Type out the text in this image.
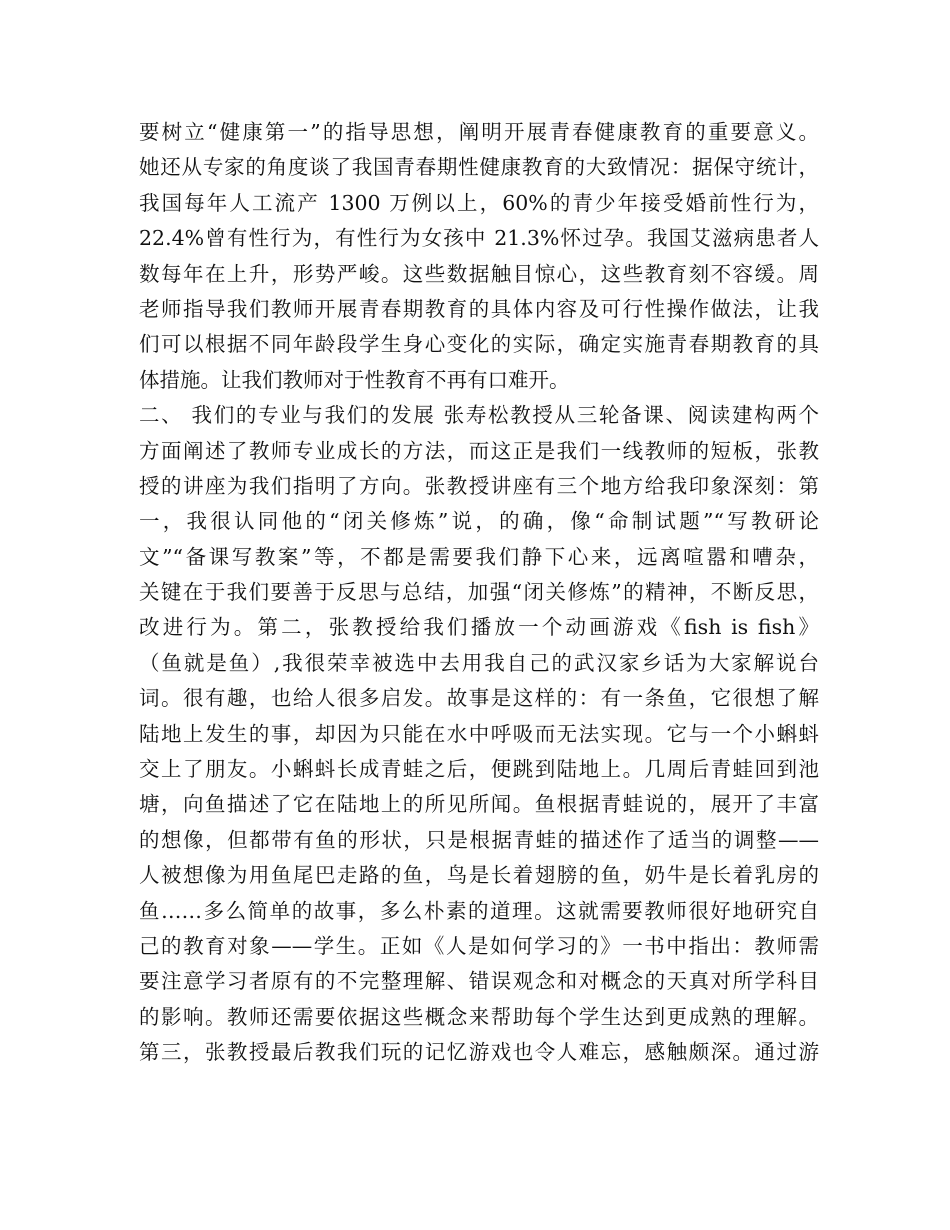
要树立“健康第一”的指导思想，阐明开展青春健康教育的重要意义。
她还从专家的角度谈了我国青春期性健康教育的大致情况：据保守统计，
我国每年人工流产 1300 万例以上，60%的青少年接受婚前性行为，
22.4%曾有性行为，有性行为女孩中 21.3%怀过孕。我国艾滋病患者人
数每年在上升，形势严峻。这些数据触目惊心，这些教育刻不容缓。周
老师指导我们教师开展青春期教育的具体内容及可行性操作做法，让我
们可以根据不同年龄段学生身心变化的实际，确定实施青春期教育的具
体措施。让我们教师对于性教育不再有口难开。
二、 我们的专业与我们的发展 张寿松教授从三轮备课、阅读建构两个
方面阐述了教师专业成长的方法，而这正是我们一线教师的短板，张教
授的讲座为我们指明了方向。张教授讲座有三个地方给我印象深刻：第
一，我很认同他的“闭关修炼”说，的确，像“命制试题”“写教研论
文”“备课写教案”等，不都是需要我们静下心来，远离喧嚣和嘈杂，
关键在于我们要善于反思与总结，加强“闭关修炼”的精神，不断反思，
改进行为。第二，张教授给我们播放一个动画游戏《fish is fish》
（鱼就是鱼）,我很荣幸被选中去用我自己的武汉家乡话为大家解说台
词。很有趣，也给人很多启发。故事是这样的：有一条鱼，它很想了解
陆地上发生的事，却因为只能在水中呼吸而无法实现。它与一个小蝌蚪
交上了朋友。小蝌蚪长成青蛙之后，便跳到陆地上。几周后青蛙回到池
塘，向鱼描述了它在陆地上的所见所闻。鱼根据青蛙说的，展开了丰富
的想像，但都带有鱼的形状，只是根据青蛙的描述作了适当的调整——
人被想像为用鱼尾巴走路的鱼，鸟是长着翅膀的鱼，奶牛是长着乳房的
鱼……多么简单的故事，多么朴素的道理。这就需要教师很好地研究自
己的教育对象——学生。正如《人是如何学习的》一书中指出：教师需
要注意学习者原有的不完整理解、错误观念和对概念的天真对所学科目
的影响。教师还需要依据这些概念来帮助每个学生达到更成熟的理解。
第三，张教授最后教我们玩的记忆游戏也令人难忘，感触颇深。通过游
